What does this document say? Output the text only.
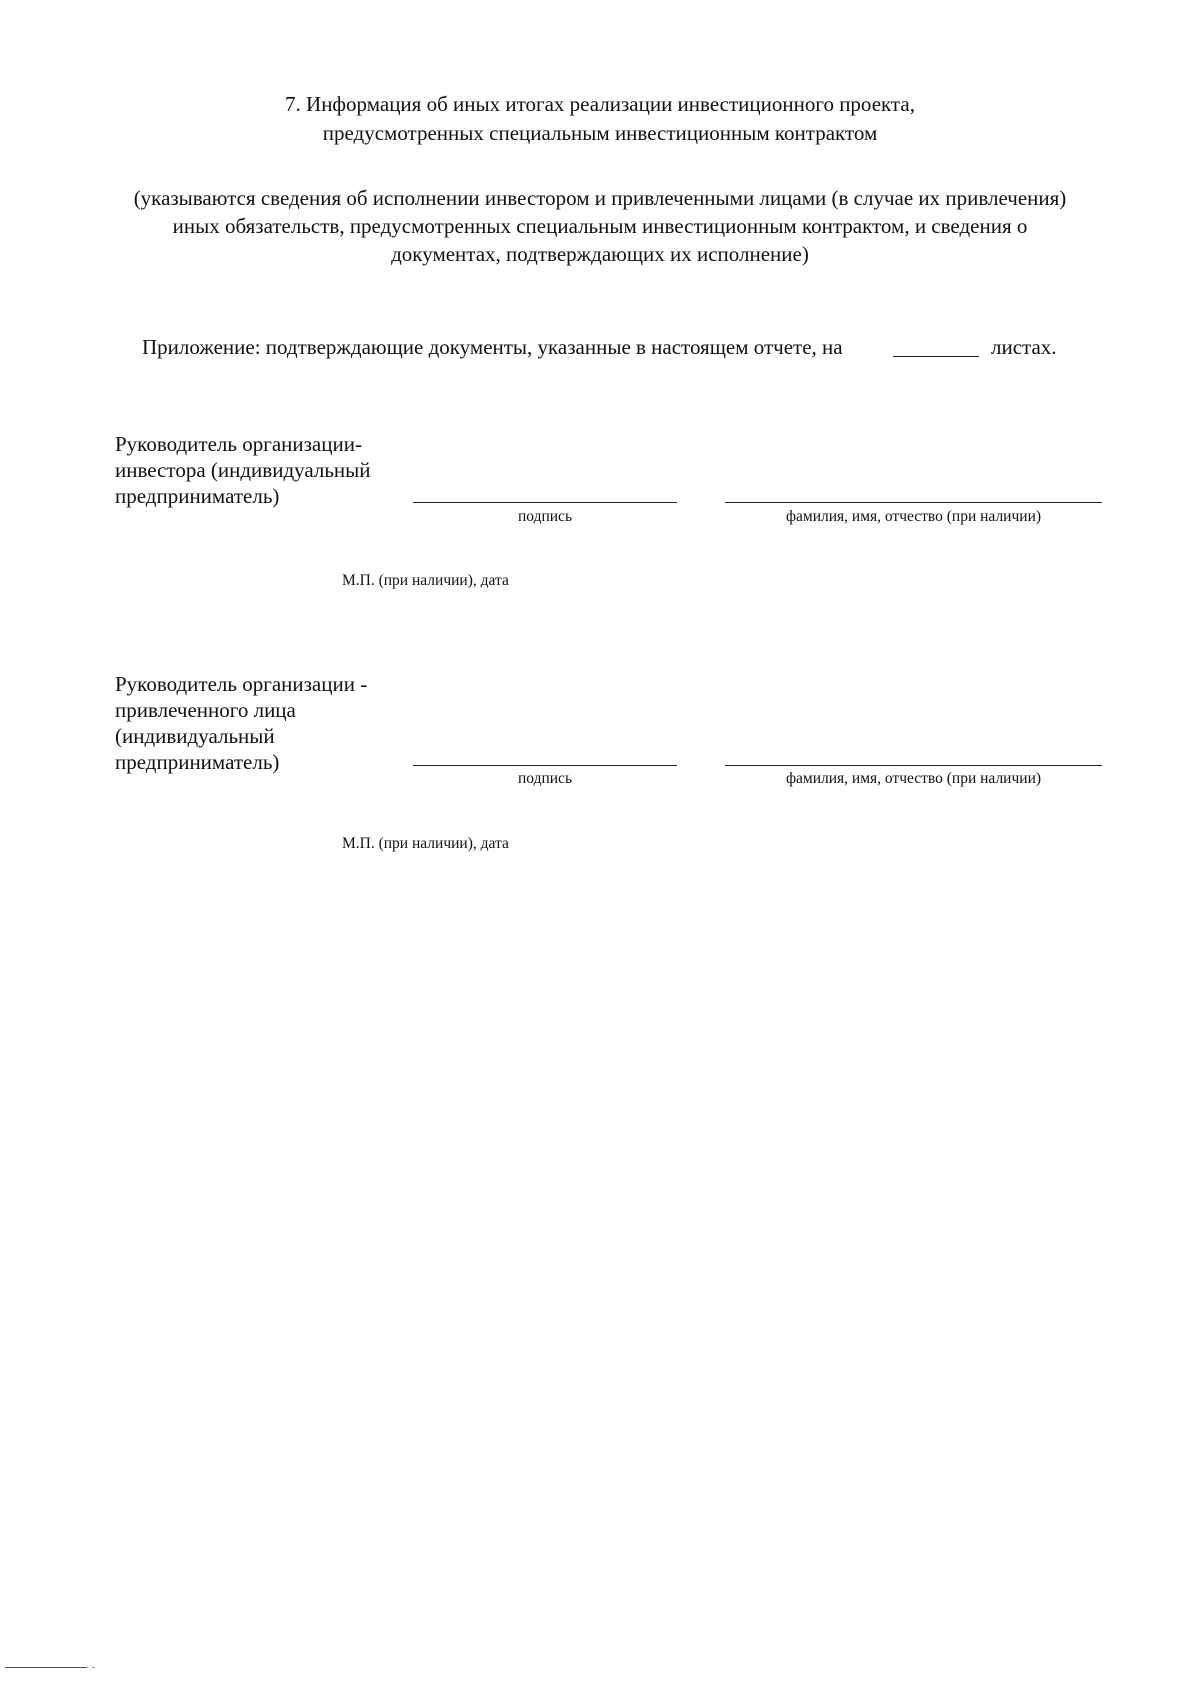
7. Информация об иных итогах реализации инвестиционного проекта,
предусмотренных специальным инвестиционным контрактом
(указываются сведения об исполнении инвестором и привлеченными лицами (в случае их привлечения)
иных обязательств, предусмотренных специальным инвестиционным контрактом, и сведения о
документах, подтверждающих их исполнение)
Приложение: подтверждающие документы, указанные в настоящем отчете, на	листах.
Руководитель организации-
инвестора (индивидуальный
предприниматель)
подпись	фамилия, имя, отчество (при наличии)
М.П. (при наличии), дата
Руководитель организации -
привлеченного лица
(индивидуальный
предприниматель)
подпись	фамилия, имя, отчество (при наличии)
М.П. (при наличии), дата
